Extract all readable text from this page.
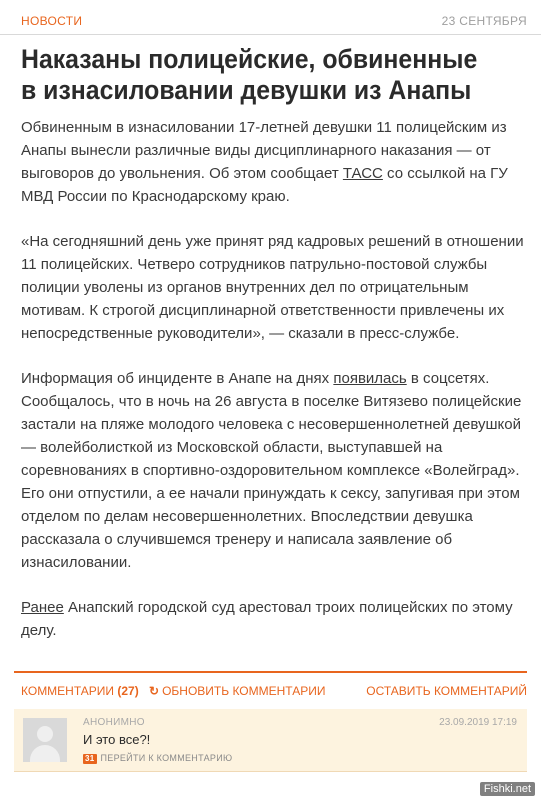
НОВОСТИ	23 СЕНТЯБРЯ
Наказаны полицейские, обвиненные в изнасиловании девушки из Анапы

Обвиненным в изнасиловании 17-летней девушки 11 полицейским из Анапы вынесли различные виды дисциплинарного наказания — от выговоров до увольнения. Об этом сообщает ТАСС со ссылкой на ГУ МВД России по Краснодарскому краю.

«На сегодняшний день уже принят ряд кадровых решений в отношении 11 полицейских. Четверо сотрудников патрульно-постовой службы полиции уволены из органов внутренних дел по отрицательным мотивам. К строгой дисциплинарной ответственности привлечены их непосредственные руководители», — сказали в пресс-службе.

Информация об инциденте в Анапе на днях появилась в соцсетях. Сообщалось, что в ночь на 26 августа в поселке Витязево полицейские застали на пляже молодого человека с несовершеннолетней девушкой — волейболисткой из Московской области, выступавшей на соревнованиях в спортивно-оздоровительном комплексе «Волейград». Его они отпустили, а ее начали принуждать к сексу, запугивая при этом отделом по делам несовершеннолетних. Впоследствии девушка рассказала о случившемся тренеру и написала заявление об изнасиловании.

Ранее Анапский городской суд арестовал троих полицейских по этому делу.

КОММЕНТАРИИ (27) ↻ ОБНОВИТЬ КОММЕНТАРИИ	ОСТАВИТЬ КОММЕНТАРИЙ
АНОНИМНО	23.09.2019 17:19
И это все?!
31 ПЕРЕЙТИ К КОММЕНТАРИЮ
Fishki.net
